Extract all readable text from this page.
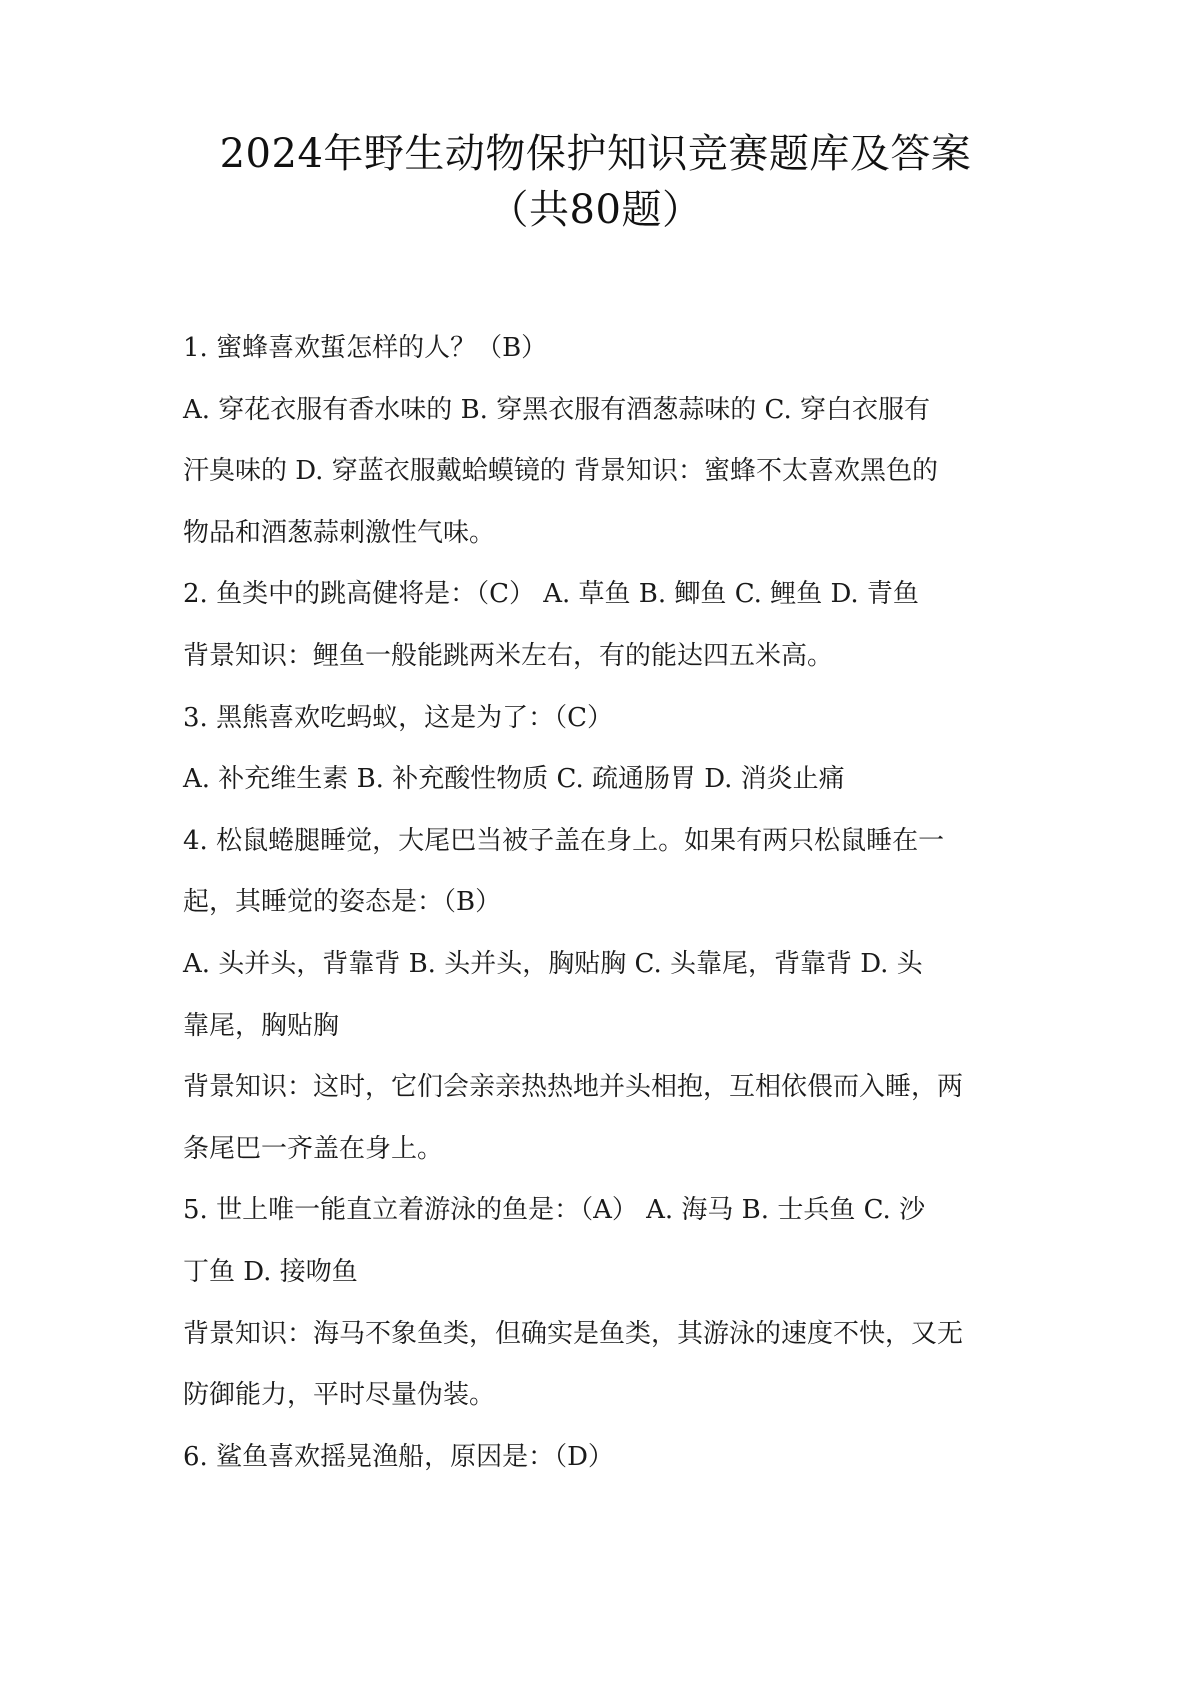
2024年野生动物保护知识竞赛题库及答案
（共80题）

1. 蜜蜂喜欢蜇怎样的人？（B）

A. 穿花衣服有香水味的 B. 穿黑衣服有酒葱蒜味的 C. 穿白衣服有

汗臭味的 D. 穿蓝衣服戴蛤蟆镜的 背景知识：蜜蜂不太喜欢黑色的

物品和酒葱蒜刺激性气味。

2. 鱼类中的跳高健将是：（C） A. 草鱼 B. 鲫鱼 C. 鲤鱼 D. 青鱼

背景知识：鲤鱼一般能跳两米左右，有的能达四五米高。

3. 黑熊喜欢吃蚂蚁，这是为了：（C）

A. 补充维生素 B. 补充酸性物质 C. 疏通肠胃 D. 消炎止痛

4. 松鼠蜷腿睡觉，大尾巴当被子盖在身上。如果有两只松鼠睡在一

起，其睡觉的姿态是：（B）

A. 头并头，背靠背 B. 头并头，胸贴胸 C. 头靠尾，背靠背 D. 头

靠尾，胸贴胸

背景知识：这时，它们会亲亲热热地并头相抱，互相依偎而入睡，两

条尾巴一齐盖在身上。

5. 世上唯一能直立着游泳的鱼是：（A） A. 海马 B. 士兵鱼 C. 沙

丁鱼 D. 接吻鱼

背景知识：海马不象鱼类，但确实是鱼类，其游泳的速度不快，又无

防御能力，平时尽量伪装。

6. 鲨鱼喜欢摇晃渔船，原因是：（D）
